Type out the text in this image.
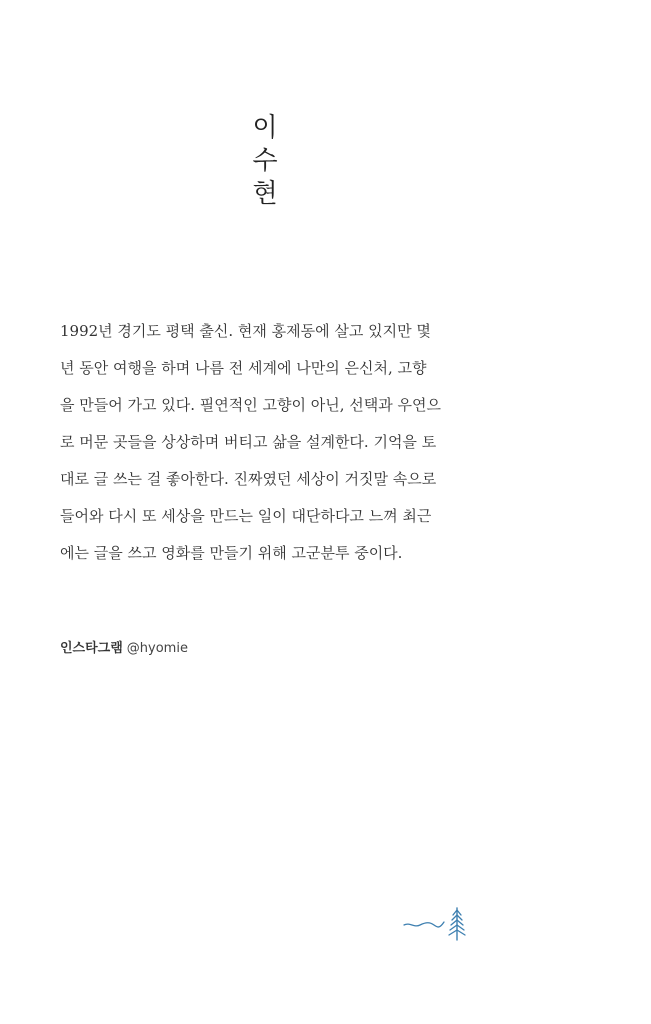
이
수
현

1992년 경기도 평택 출신. 현재 홍제동에 살고 있지만 몇
년 동안 여행을 하며 나름 전 세계에 나만의 은신처, 고향
을 만들어 가고 있다. 필연적인 고향이 아닌, 선택과 우연으
로 머문 곳들을 상상하며 버티고 삶을 설계한다. 기억을 토
대로 글 쓰는 걸 좋아한다. 진짜였던 세상이 거짓말 속으로
들어와 다시 또 세상을 만드는 일이 대단하다고 느껴 최근
에는 글을 쓰고 영화를 만들기 위해 고군분투 중이다.

인스타그램 @hyomie
